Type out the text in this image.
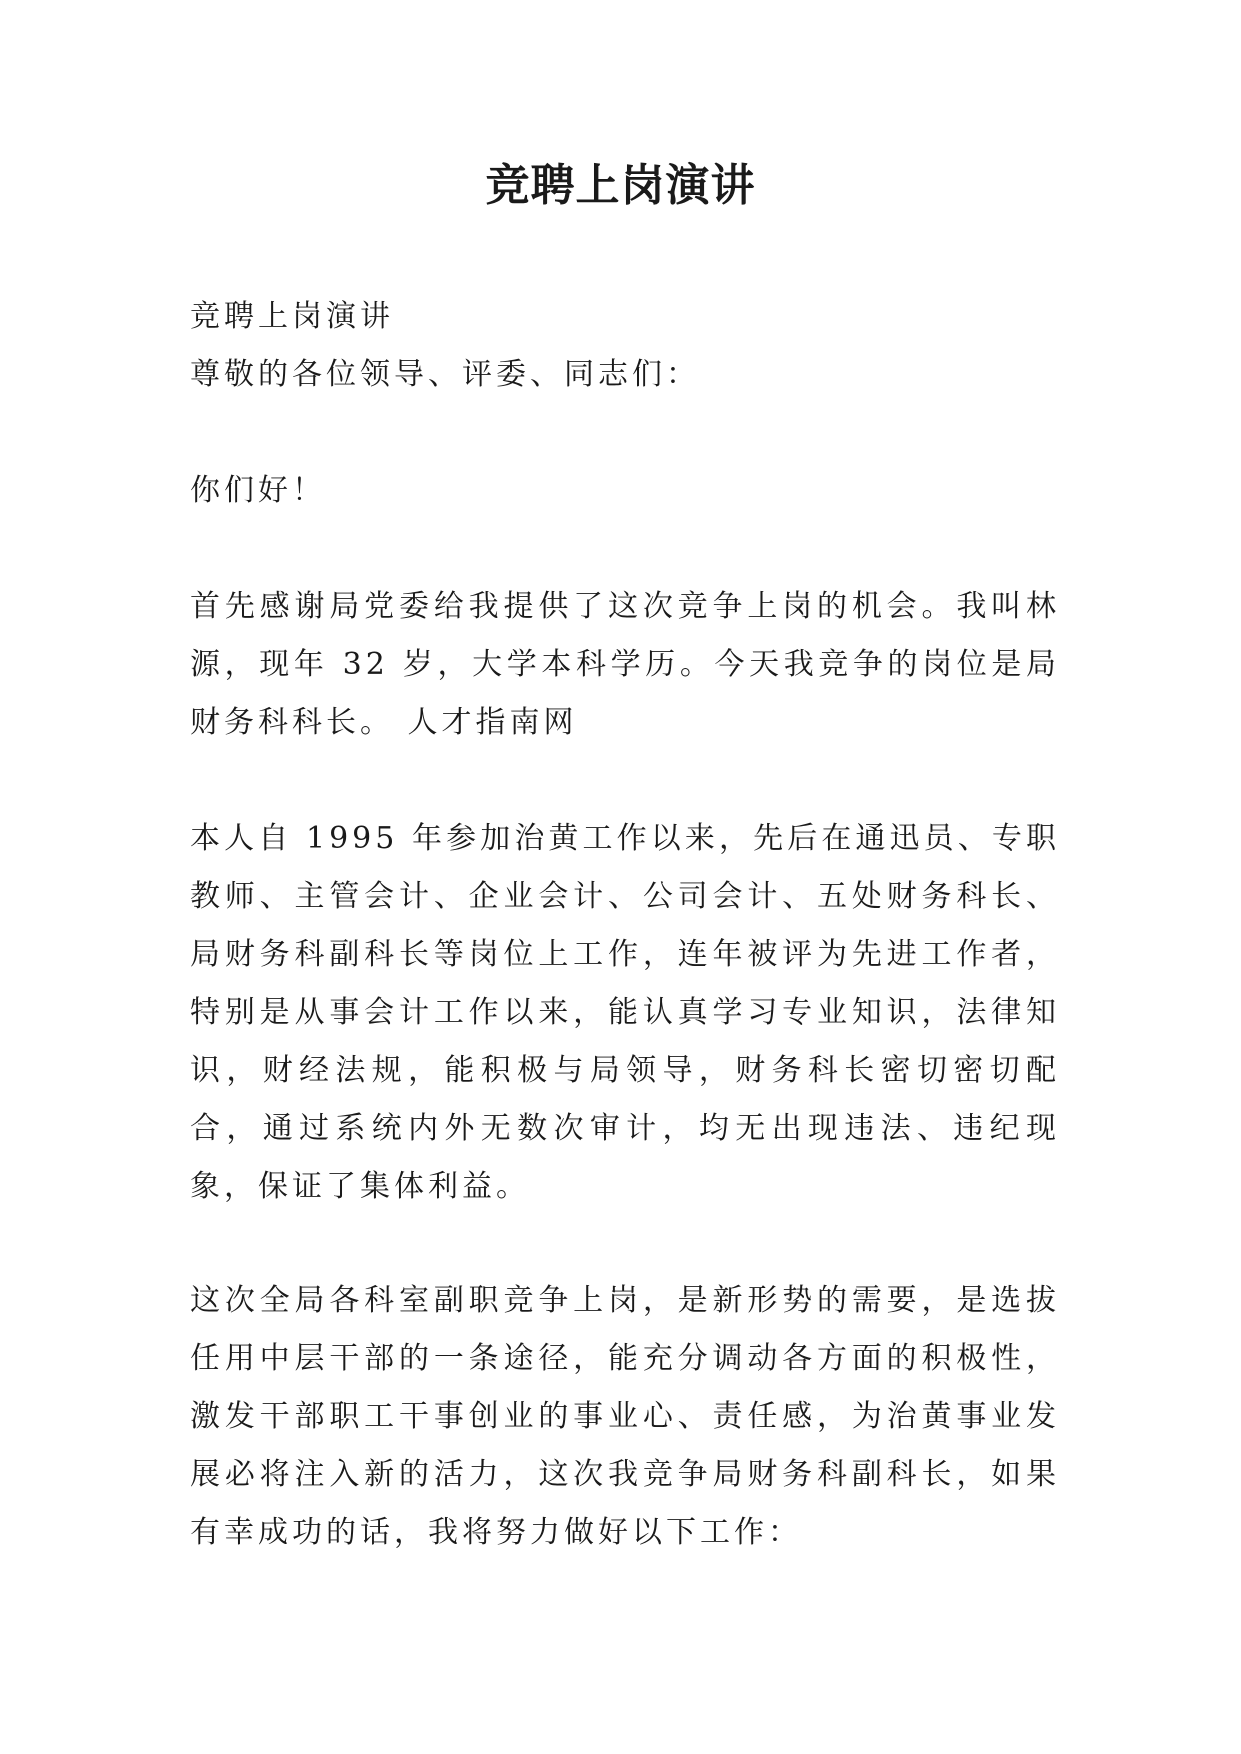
竞聘上岗演讲

竞聘上岗演讲

尊敬的各位领导、评委、同志们：

你们好！

首先感谢局党委给我提供了这次竞争上岗的机会。我叫林源，现年 32 岁，大学本科学历。今天我竞争的岗位是局财务科科长。 人才指南网

本人自 1995 年参加治黄工作以来，先后在通迅员、专职教师、主管会计、企业会计、公司会计、五处财务科长、局财务科副科长等岗位上工作，连年被评为先进工作者，特别是从事会计工作以来，能认真学习专业知识，法律知识，财经法规，能积极与局领导，财务科长密切密切配合，通过系统内外无数次审计，均无出现违法、违纪现象，保证了集体利益。

这次全局各科室副职竞争上岗，是新形势的需要，是选拔任用中层干部的一条途径，能充分调动各方面的积极性，激发干部职工干事创业的事业心、责任感，为治黄事业发展必将注入新的活力，这次我竞争局财务科副科长，如果有幸成功的话，我将努力做好以下工作：
